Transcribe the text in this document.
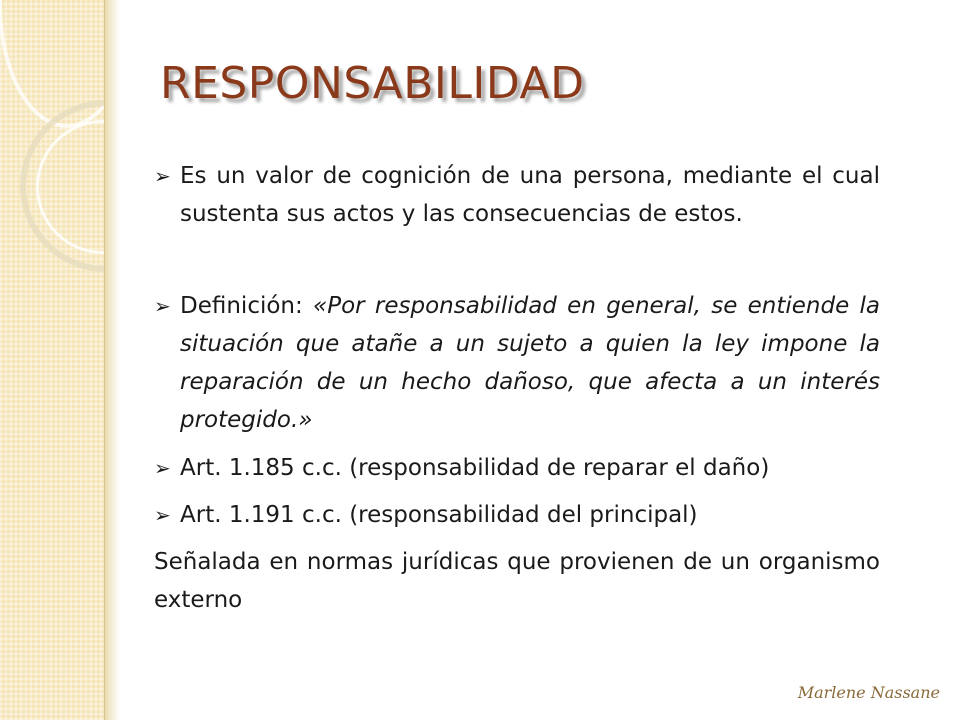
RESPONSABILIDAD

➢ Es un valor de cognición de una persona, mediante el cual sustenta sus actos y las consecuencias de estos.

➢ Definición: «Por responsabilidad en general, se entiende la situación que atañe a un sujeto a quien la ley impone la reparación de un hecho dañoso, que afecta a un interés protegido.»

➢ Art. 1.185 c.c. (responsabilidad de reparar el daño)

➢ Art. 1.191 c.c. (responsabilidad del principal)

Señalada en normas jurídicas que provienen de un organismo externo

Marlene Nassane
